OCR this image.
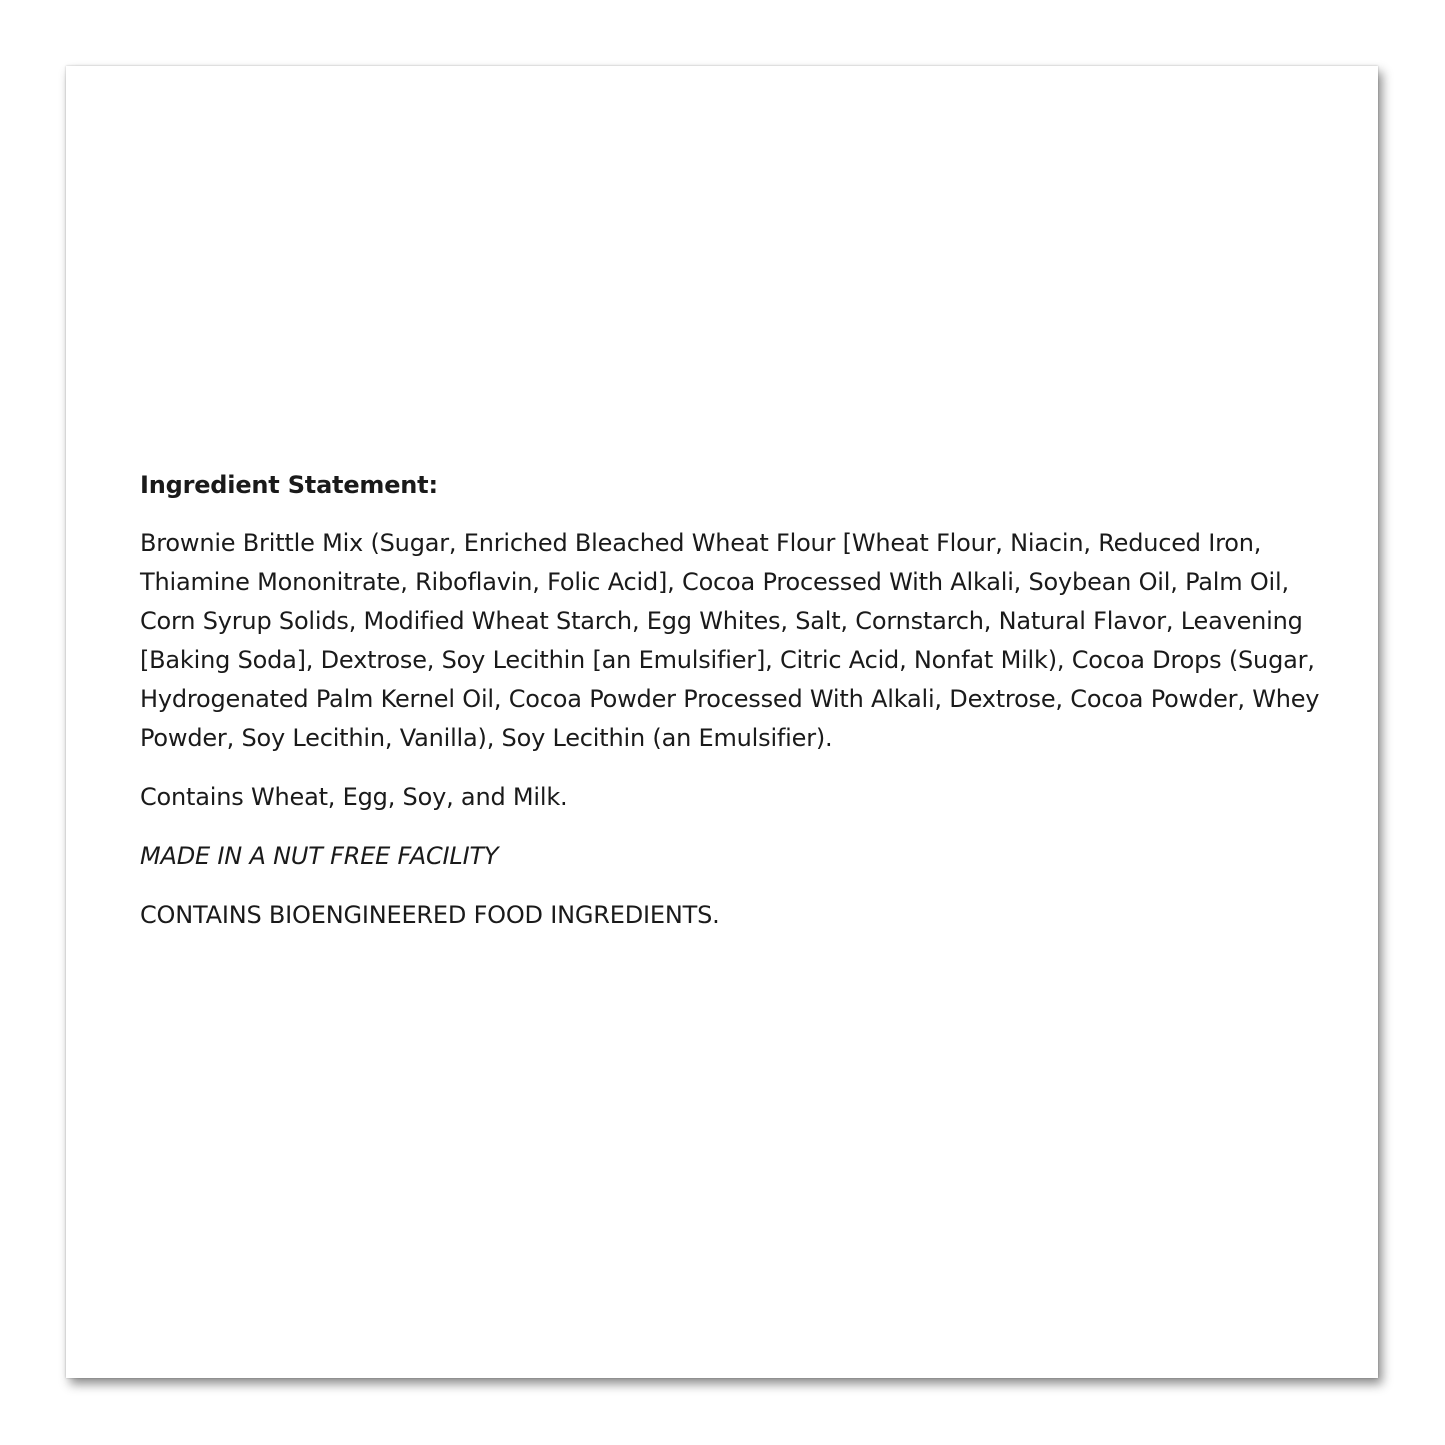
Ingredient Statement:

Brownie Brittle Mix (Sugar, Enriched Bleached Wheat Flour [Wheat Flour, Niacin, Reduced Iron, Thiamine Mononitrate, Riboflavin, Folic Acid], Cocoa Processed With Alkali, Soybean Oil, Palm Oil, Corn Syrup Solids, Modified Wheat Starch, Egg Whites, Salt, Cornstarch, Natural Flavor, Leavening [Baking Soda], Dextrose, Soy Lecithin [an Emulsifier], Citric Acid, Nonfat Milk), Cocoa Drops (Sugar, Hydrogenated Palm Kernel Oil, Cocoa Powder Processed With Alkali, Dextrose, Cocoa Powder, Whey Powder, Soy Lecithin, Vanilla), Soy Lecithin (an Emulsifier).

Contains Wheat, Egg, Soy, and Milk.

MADE IN A NUT FREE FACILITY

CONTAINS BIOENGINEERED FOOD INGREDIENTS.
